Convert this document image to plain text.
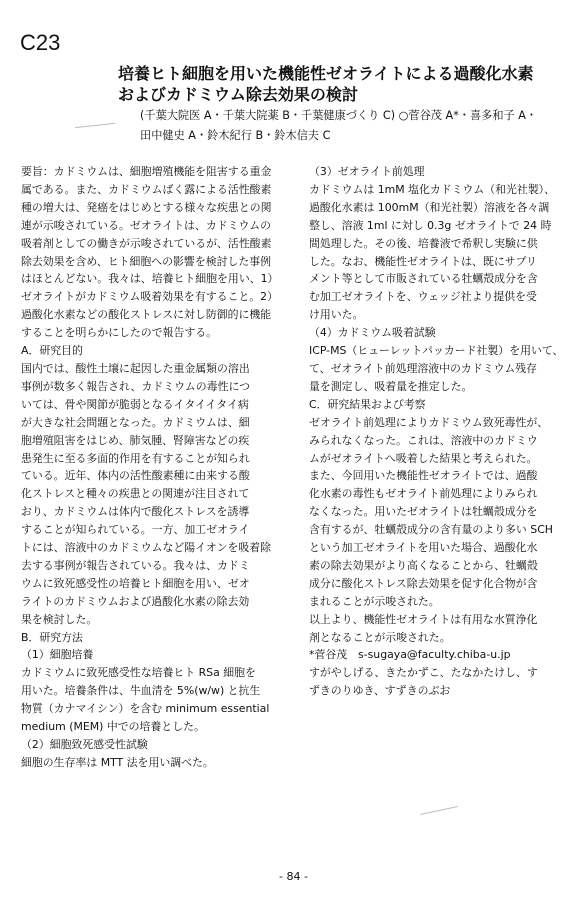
C23
培養ヒト細胞を用いた機能性ゼオライトによる過酸化水素
およびカドミウム除去効果の検討
(千葉大院医 A・千葉大院薬 B・千葉健康づくり C) ○菅谷茂 A*・喜多和子 A・
田中健史 A・鈴木紀行 B・鈴木信夫 C
要旨：カドミウムは、細胞増殖機能を阻害する重金
属である。また、カドミウムばく露による活性酸素
種の増大は、発癌をはじめとする様々な疾患との関
連が示唆されている。ゼオライトは、カドミウムの
吸着剤としての働きが示唆されているが、活性酸素
除去効果を含め、ヒト細胞への影響を検討した事例
はほとんどない。我々は、培養ヒト細胞を用い、1）
ゼオライトがカドミウム吸着効果を有すること。2）
過酸化水素などの酸化ストレスに対し防御的に機能
することを明らかにしたので報告する。
A．研究目的
国内では、酸性土壌に起因した重金属類の溶出
事例が数多く報告され、カドミウムの毒性につ
いては、骨や関節が脆弱となるイタイイタイ病
が大きな社会問題となった。カドミウムは、細
胞増殖阻害をはじめ、肺気腫、腎障害などの疾
患発生に至る多面的作用を有することが知られ
ている。近年、体内の活性酸素種に由来する酸
化ストレスと種々の疾患との関連が注目されて
おり、カドミウムは体内で酸化ストレスを誘導
することが知られている。一方、加工ゼオライ
トには、溶液中のカドミウムなど陽イオンを吸着除
去する事例が報告されている。我々は、カドミ
ウムに致死感受性の培養ヒト細胞を用い、ゼオ
ライトのカドミウムおよび過酸化水素の除去効
果を検討した。
B．研究方法
（1）細胞培養
カドミウムに致死感受性な培養ヒト RSa 細胞を
用いた。培養条件は、牛血清を 5%(w/w) と抗生
物質（カナマイシン）を含む minimum essential
medium (MEM) 中での培養とした。
（2）細胞致死感受性試験
細胞の生存率は MTT 法を用い調べた。
（3）ゼオライト前処理
カドミウムは 1mM 塩化カドミウム（和光社製）、
過酸化水素は 100mM（和光社製）溶液を各々調
整し、溶液 1ml に対し 0.3g ゼオライトで 24 時
間処理した。その後、培養液で希釈し実験に供
した。なお、機能性ゼオライトは、既にサプリ
メント等として市販されている牡蠣殻成分を含
む加工ゼオライトを、ウェッジ社より提供を受
け用いた。
（4）カドミウム吸着試験
ICP-MS（ヒューレットパッカード社製）を用いて、
て、ゼオライト前処理溶液中のカドミウム残存
量を測定し、吸着量を推定した。
C．研究結果および考察
ゼオライト前処理によりカドミウム致死毒性が、
みられなくなった。これは、溶液中のカドミウ
ムがゼオライトへ吸着した結果と考えられた。
また、今回用いた機能性ゼオライトでは、過酸
化水素の毒性もゼオライト前処理によりみられ
なくなった。用いたゼオライトは牡蠣殻成分を
含有するが、牡蠣殻成分の含有量のより多い SCH
という加工ゼオライトを用いた場合、過酸化水
素の除去効果がより高くなることから、牡蠣殻
成分に酸化ストレス除去効果を促す化合物が含
まれることが示唆された。
以上より、機能性ゼオライトは有用な水質浄化
剤となることが示唆された。
*菅谷茂　s-sugaya@faculty.chiba-u.jp
すがやしげる、きたかずこ、たなかたけし、す
ずきのりゆき、すずきのぶお
- 84 -
